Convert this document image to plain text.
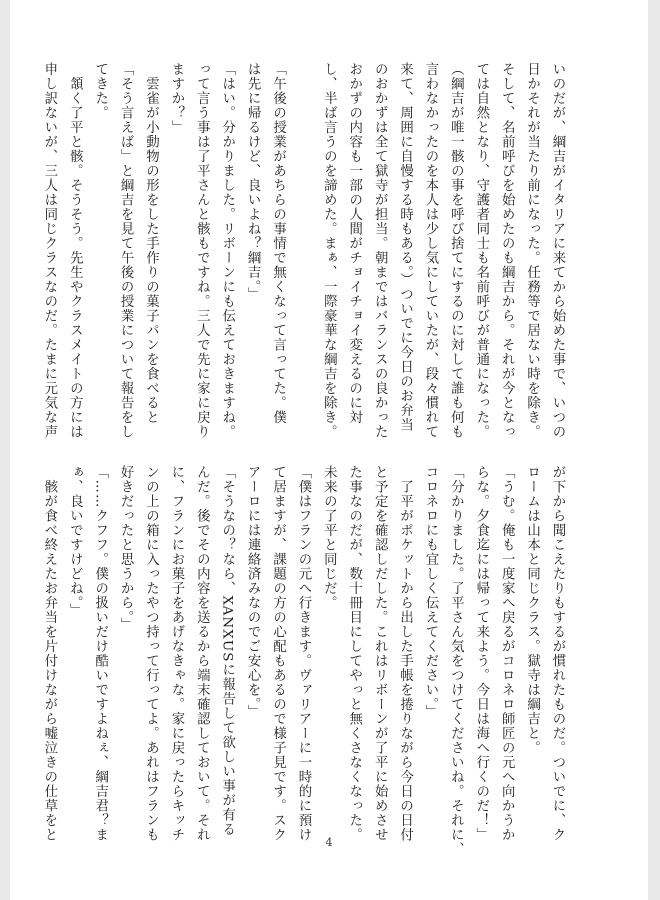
いのだが、綱吉がイタリアに来てから始めた事で、いつの
日かそれが当たり前になった。任務等で居ない時を除き。
そして、名前呼びを始めたのも綱吉から。それが今となっ
ては自然となり、守護者同士も名前呼びが普通になった。
（綱吉が唯一骸の事を呼び捨てにするのに対して誰も何も
言わなかったのを本人は少し気にしていたが、段々慣れて
来て、周囲に自慢する時もある。）ついでに今日のお弁当
のおかずは全て獄寺が担当。朝まではバランスの良かった
おかずの内容も一部の人間がチョイチョイ変えるのに対
し、半ば言うのを諦めた。まぁ、一際豪華な綱吉を除き。

「午後の授業があちらの事情で無くなって言ってた。僕
は先に帰るけど、良いよね？綱吉。」
「はい。分かりました。リボーンにも伝えておきますね。
って言う事は了平さんと骸もですね。三人で先に家に戻り
ますか？」
　雲雀が小動物の形をした手作りの菓子パンを食べると
「そう言えば」と綱吉を見て午後の授業について報告をし
てきた。
　頷く了平と骸。そうそう。先生やクラスメイトの方には
申し訳ないが、三人は同じクラスなのだ。たまに元気な声
が下から聞こえたりもするが慣れたものだ。ついでに、ク
ロームは山本と同じクラス。獄寺は綱吉と。
「うむ。俺も一度家へ戻るがコロネロ師匠の元へ向かうか
らな。夕食迄には帰って来よう。今日は海へ行くのだ！」
「分かりました。了平さん気をつけてくださいね。それに、
コロネロにも宜しく伝えてください。」
　了平がポケットから出した手帳を捲りながら今日の日付
と予定を確認しだした。これはリボーンが了平に始めさせ
た事なのだが、数十冊目にしてやっと無くさなくなった。
未来の了平と同じだ。
「僕はフランの元へ行きます。ヴァリアーに一時的に預け
て居ますが、課題の方の心配もあるので様子見です。スク
アーロには連絡済みなのでご安心を。」
「そうなの？なら、XANXUSに報告して欲しい事が有る
んだ。後でその内容を送るから端末確認しておいて。それ
に、フランにお菓子をあげなきゃな。家に戻ったらキッチ
ンの上の箱に入ったやつ持って行ってよ。あれはフランも
好きだったと思うから。」
「……クフフ。僕の扱いだけ酷いですよねぇ、綱吉君？ま
ぁ、良いですけどね。」
　骸が食べ終えたお弁当を片付けながら嘘泣きの仕草をと
4
